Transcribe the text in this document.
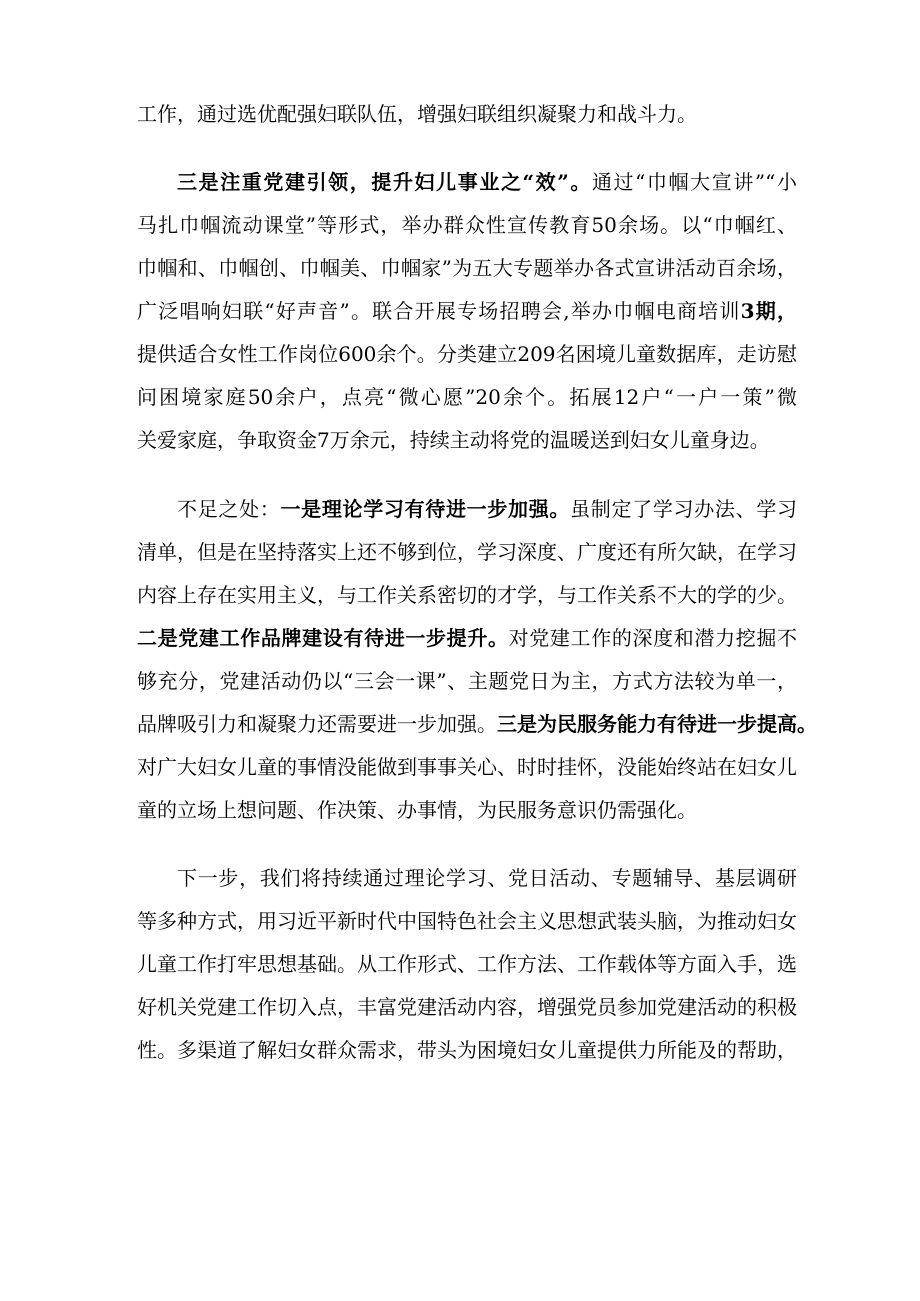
工作，通过选优配强妇联队伍，增强妇联组织凝聚力和战斗力。
三是注重党建引领，提升妇儿事业之“效”。通过“巾帼大宣讲”“小
马扎巾帼流动课堂”等形式，举办群众性宣传教育50余场。以“巾帼红、
巾帼和、巾帼创、巾帼美、巾帼家”为五大专题举办各式宣讲活动百余场，
广泛唱响妇联“好声音”。联合开展专场招聘会,举办巾帼电商培训3期，
提供适合女性工作岗位600余个。分类建立209名困境儿童数据库，走访慰
问困境家庭50余户，点亮“微心愿”20余个。拓展12户“一户一策”微
关爱家庭，争取资金7万余元，持续主动将党的温暖送到妇女儿童身边。
不足之处：一是理论学习有待进一步加强。虽制定了学习办法、学习
清单，但是在坚持落实上还不够到位，学习深度、广度还有所欠缺，在学习
内容上存在实用主义，与工作关系密切的才学，与工作关系不大的学的少。
二是党建工作品牌建设有待进一步提升。对党建工作的深度和潜力挖掘不
够充分，党建活动仍以“三会一课”、主题党日为主，方式方法较为单一，
品牌吸引力和凝聚力还需要进一步加强。三是为民服务能力有待进一步提高。
对广大妇女儿童的事情没能做到事事关心、时时挂怀，没能始终站在妇女儿
童的立场上想问题、作决策、办事情，为民服务意识仍需强化。
下一步，我们将持续通过理论学习、党日活动、专题辅导、基层调研
等多种方式，用习近平新时代中国特色社会主义思想武装头脑，为推动妇女
儿童工作打牢思想基础。从工作形式、工作方法、工作载体等方面入手，选
好机关党建工作切入点，丰富党建活动内容，增强党员参加党建活动的积极
性。多渠道了解妇女群众需求，带头为困境妇女儿童提供力所能及的帮助，
